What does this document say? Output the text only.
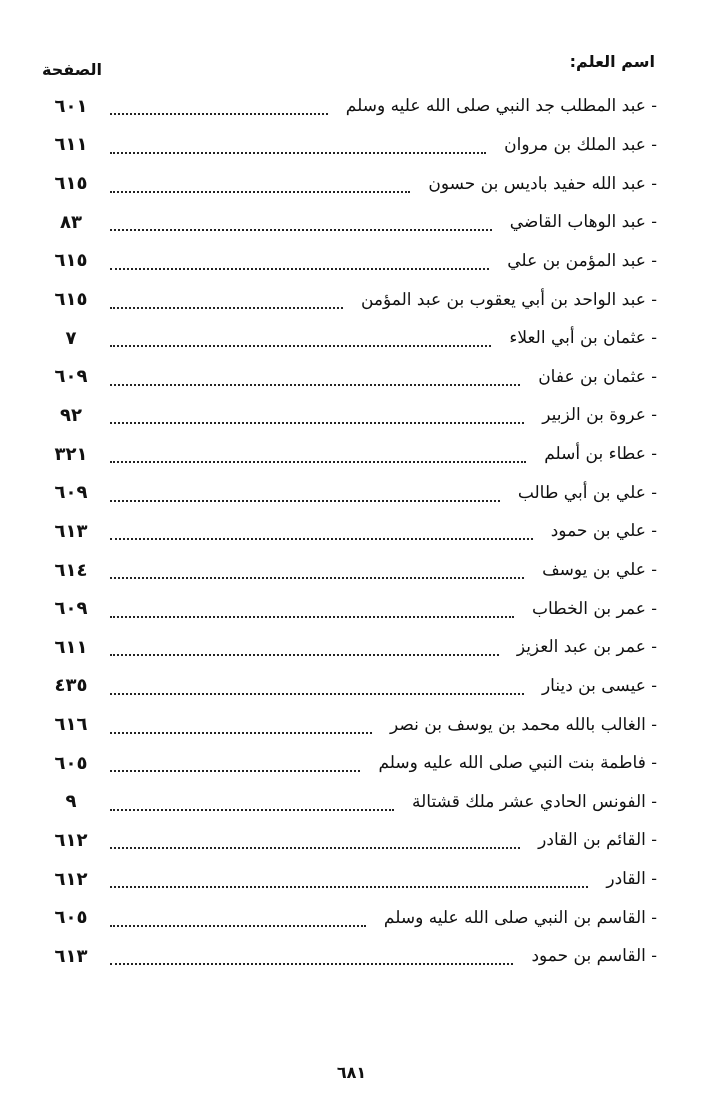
اسم العلم:
الصفحة
- عبد المطلب جد النبي صلى الله عليه وسلم
٦٠١
- عبد الملك بن مروان
٦١١
- عبد الله حفيد باديس بن حسون
٦١٥
- عبد الوهاب القاضي
٨٣
- عبد المؤمن بن علي
٦١٥
- عبد الواحد بن أبي يعقوب بن عبد المؤمن
٦١٥
- عثمان بن أبي العلاء
٧
- عثمان بن عفان
٦٠٩
- عروة بن الزبير
٩٢
- عطاء بن أسلم
٣٢١
- علي بن أبي طالب
٦٠٩
- علي بن حمود
٦١٣
- علي بن يوسف
٦١٤
- عمر بن الخطاب
٦٠٩
- عمر بن عبد العزيز
٦١١
- عيسى بن دينار
٤٣٥
- الغالب بالله محمد بن يوسف بن نصر
٦١٦
- فاطمة بنت النبي صلى الله عليه وسلم
٦٠٥
- الفونس الحادي عشر ملك قشتالة
٩
- القائم بن القادر
٦١٢
- القادر
٦١٢
- القاسم بن النبي صلى الله عليه وسلم
٦٠٥
- القاسم بن حمود
٦١٣
٦٨١
